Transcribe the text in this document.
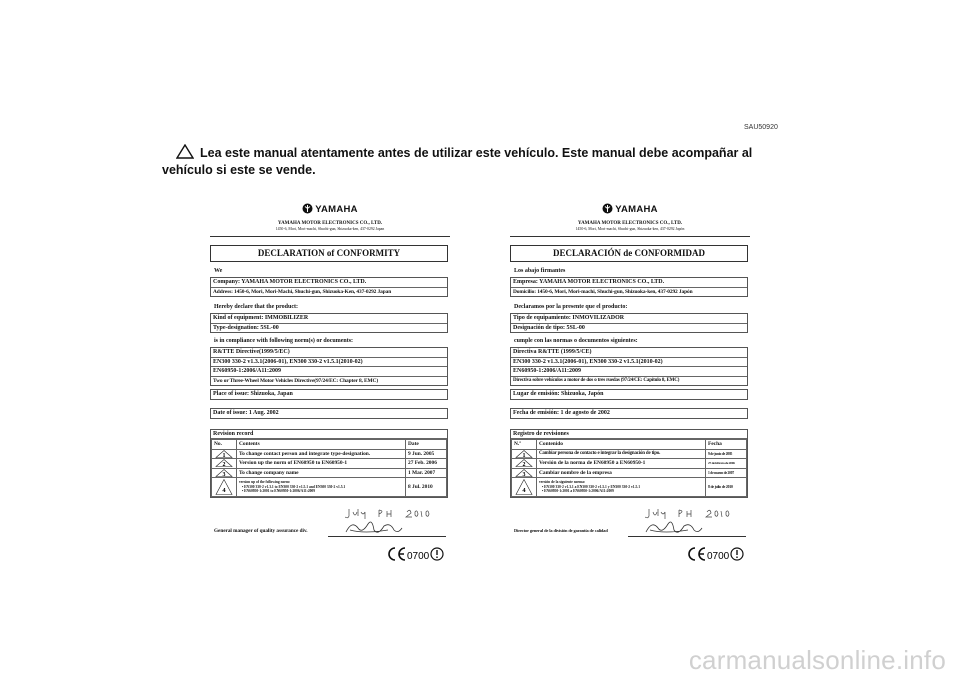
SAU50920
Lea este manual atentamente antes de utilizar este vehículo. Este manual debe acompañar al vehículo si este se vende.
YAMAHA
YAMAHA MOTOR ELECTRONICS CO., LTD.
1450-6, Mori, Mori-machi, Shuchi-gun, Shizuoka-ken, 437-0292 Japan
DECLARATION of CONFORMITY
We
Company: YAMAHA MOTOR ELECTRONICS CO., LTD.
Address: 1450-6, Mori, Mori-Machi, Shuchi-gun, Shizuoka-Ken, 437-0292 Japan
Hereby declare that the product:
Kind of equipment: IMMOBILIZER
Type-designation: 5SL-00
is in compliance with following norm(s) or documents:
R&TTE Directive(1999/5/EC)
EN300 330-2 v1.3.1(2006-01), EN300 330-2 v1.5.1(2010-02)
EN60950-1:2006/A11:2009
Two or Three-Wheel Motor Vehicles Directive(97/24/EC: Chapter 8, EMC)
Place of issue: Shizuoka, Japan
Date of issue: 1 Aug. 2002
Revision record
No.	Contents	Date

1	To change contact person and integrate type-designation.	9 Jun. 2005

2	Version up the norm of EN60950 to EN60950-1	27 Feb. 2006

3	To change company name	1 Mar. 2007

4	version up of the following norm:
• EN300 330-2 v1.3.1 to EN300 330-2 v1.5.1 and EN300 330-2 v1.5.1
• EN60950-1:2001 to EN60950-1:2006/A11:2009	8 Jul. 2010
General manager of quality assurance div.
0700
YAMAHA
YAMAHA MOTOR ELECTRONICS CO., LTD.
1450-6, Mori, Mori-machi, Shuchi-gun, Shizuoka-ken, 437-0292 Japón
DECLARACIÓN de CONFORMIDAD
Los abajo firmantes
Empresa: YAMAHA MOTOR ELECTRONICS CO., LTD.
Domicilio: 1450-6, Mori, Mori-machi, Shuchi-gun, Shizuoka-ken, 437-0292 Japón
Declaramos por la presente que el producto:
Tipo de equipamiento: INMOVILIZADOR
Designación de tipo: 5SL-00
cumple con las normas o documentos siguientes:
Directiva R&TTE (1999/5/CE)
EN300 330-2 v1.3.1(2006-01), EN300 330-2 v1.5.1(2010-02)
EN60950-1:2006/A11:2009
Directiva sobre vehículos a motor de dos o tres ruedas (97/24/CE: Capítulo 8, EMC)
Lugar de emisión: Shizuoka, Japón
Fecha de emisión: 1 de agosto de 2002
Registro de revisiones
N.º	Contenido	Fecha

1	Cambiar persona de contacto e integrar la designación de tipo.	9 de junio de 2005

2	Versión de la norma de EN60950 a EN60950-1	27 de febrero de 2006

3	Cambiar nombre de la empresa	1 de marzo de 2007

4	versión de la siguiente norma:
• EN300 330-2 v1.3.1 a EN300 330-2 v1.5.1 y EN300 330-2 v1.5.1
• EN60950-1:2001 a EN60950-1:2006/A11:2009	8 de julio de 2010
Director general de la división de garantía de calidad
0700
carmanualsonline.info
